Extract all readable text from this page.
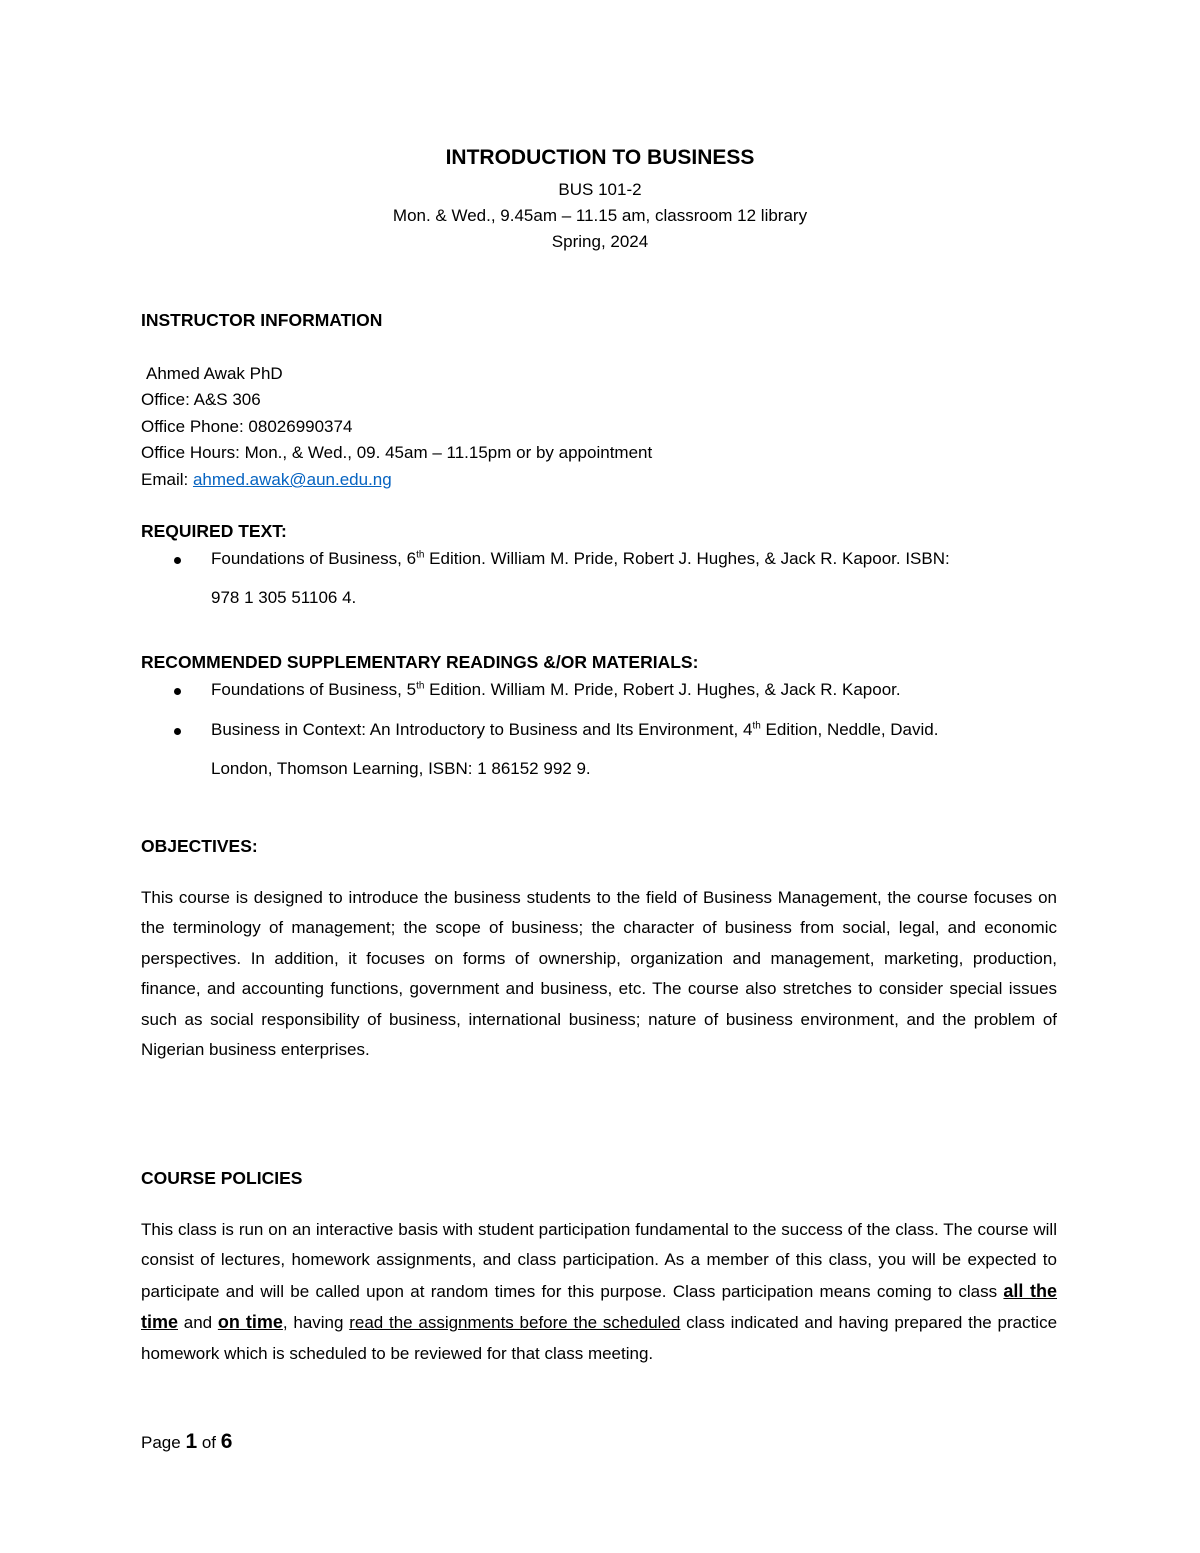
INTRODUCTION TO BUSINESS
BUS 101-2
Mon. & Wed., 9.45am – 11.15 am, classroom 12 library
Spring, 2024
INSTRUCTOR INFORMATION
Ahmed Awak PhD
Office: A&S 306
Office Phone: 08026990374
Office Hours: Mon., & Wed., 09. 45am – 11.15pm or by appointment
Email: ahmed.awak@aun.edu.ng
REQUIRED TEXT:
Foundations of Business, 6th Edition. William M. Pride, Robert J. Hughes, & Jack R. Kapoor. ISBN:
978 1 305 51106 4.
RECOMMENDED SUPPLEMENTARY READINGS &/OR MATERIALS:
Foundations of Business, 5th Edition. William M. Pride, Robert J. Hughes, & Jack R. Kapoor.
Business in Context: An Introductory to Business and Its Environment, 4th Edition, Neddle, David.
London, Thomson Learning, ISBN: 1 86152 992 9.
OBJECTIVES:

This course is designed to introduce the business students to the field of Business Management, the course focuses on the terminology of management; the scope of business; the character of business from social, legal, and economic perspectives. In addition, it focuses on forms of ownership, organization and management, marketing, production, finance, and accounting functions, government and business, etc. The course also stretches to consider special issues such as social responsibility of business, international business; nature of business environment, and the problem of Nigerian business enterprises.

COURSE POLICIES

This class is run on an interactive basis with student participation fundamental to the success of the class. The course will consist of lectures, homework assignments, and class participation. As a member of this class, you will be expected to participate and will be called upon at random times for this purpose. Class participation means coming to class all the time and on time, having read the assignments before the scheduled class indicated and having prepared the practice homework which is scheduled to be reviewed for that class meeting.

Page 1 of 6
